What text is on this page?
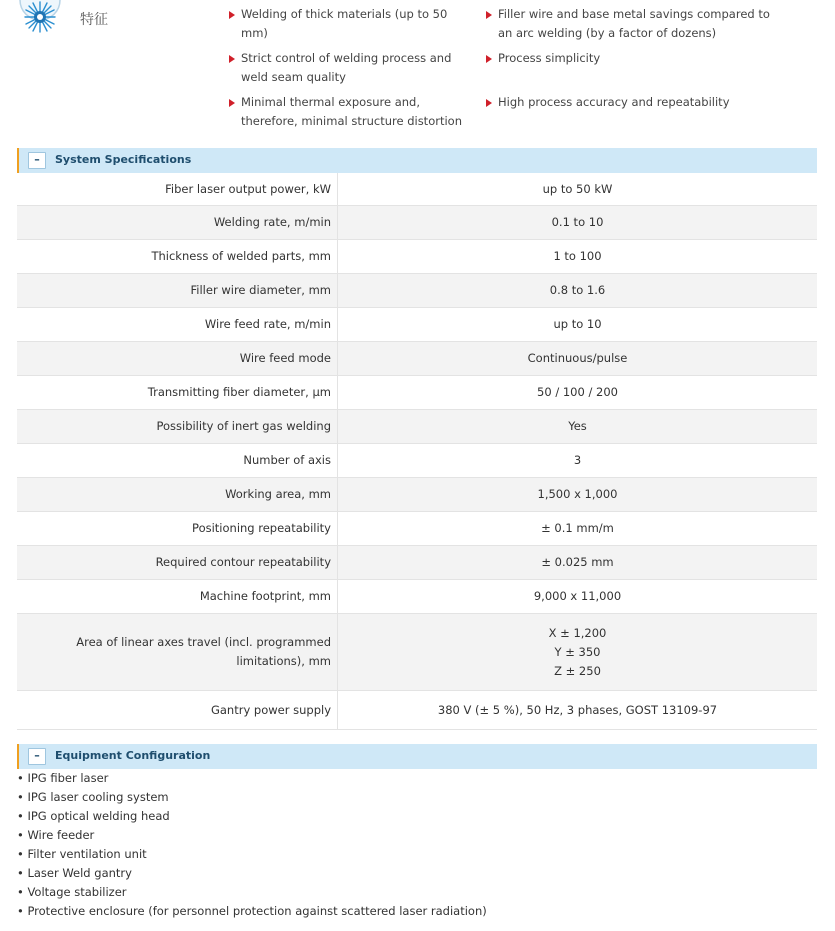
特征	Welding of thick materials (up to 50 mm)
Filler wire and base metal savings compared to an arc welding (by a factor of dozens)
Strict control of welding process and weld seam quality
Process simplicity
Minimal thermal exposure and, therefore, minimal structure distortion
High process accuracy and repeatability
–	System Specifications
Fiber laser output power, kW	up to 50 kW
Welding rate, m/min	0.1 to 10
Thickness of welded parts, mm	1 to 100
Filler wire diameter, mm	0.8 to 1.6
Wire feed rate, m/min	up to 10
Wire feed mode	Continuous/pulse
Transmitting fiber diameter, μm	50 / 100 / 200
Possibility of inert gas welding	Yes
Number of axis	3
Working area, mm	1,500 x 1,000
Positioning repeatability	± 0.1 mm/m
Required contour repeatability	± 0.025 mm
Machine footprint, mm	9,000 x 11,000
Area of linear axes travel (incl. programmed limitations), mm
X ± 1,200
Y ± 350
Z ± 250
Gantry power supply	380 V (± 5 %), 50 Hz, 3 phases, GOST 13109-97
–	Equipment Configuration
• IPG fiber laser
• IPG laser cooling system
• IPG optical welding head
• Wire feeder
• Filter ventilation unit
• Laser Weld gantry
• Voltage stabilizer
• Protective enclosure (for personnel protection against scattered laser radiation)
